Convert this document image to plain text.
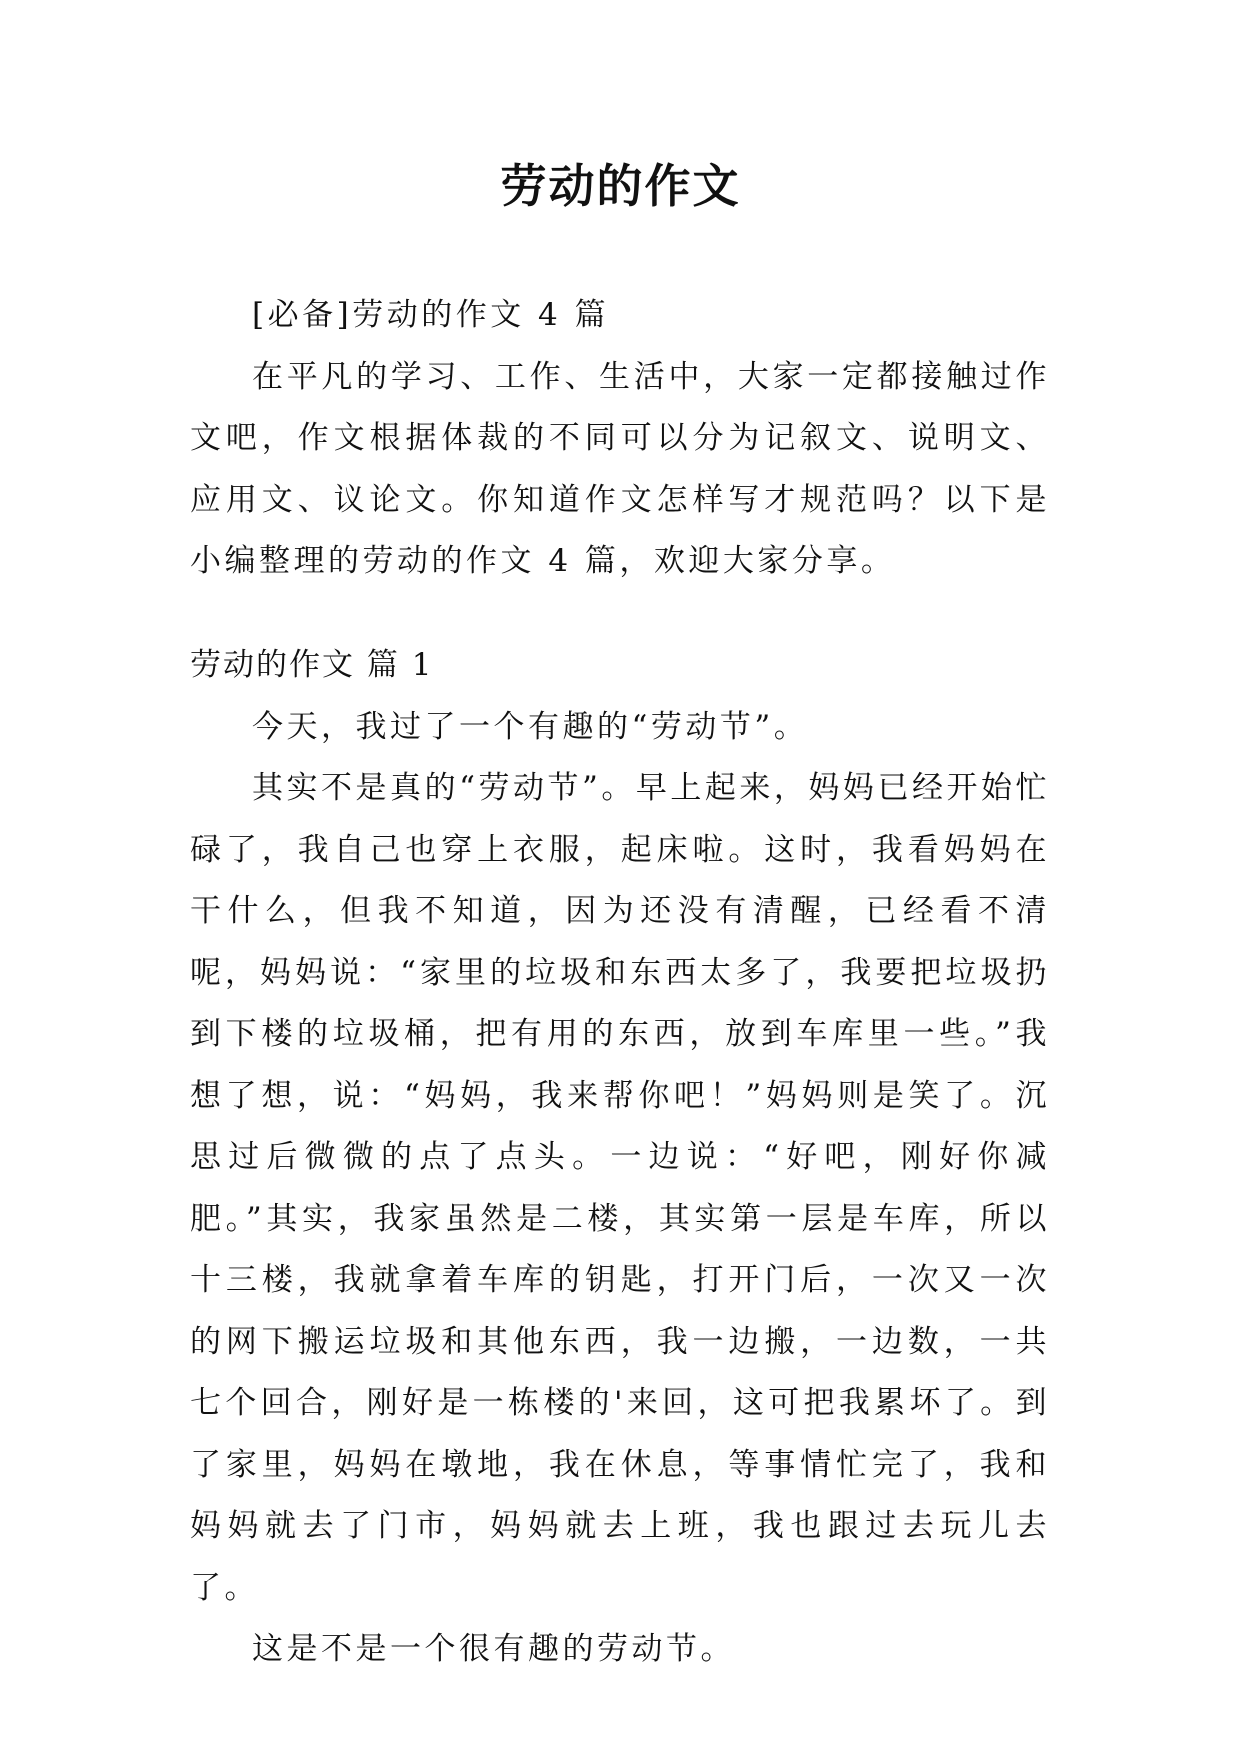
劳动的作文

[必备]劳动的作文 4 篇

在平凡的学习、工作、生活中，大家一定都接触过作文吧，作文根据体裁的不同可以分为记叙文、说明文、应用文、议论文。你知道作文怎样写才规范吗？以下是小编整理的劳动的作文 4 篇，欢迎大家分享。

劳动的作文 篇 1

今天，我过了一个有趣的“劳动节”。

其实不是真的“劳动节”。早上起来，妈妈已经开始忙碌了，我自己也穿上衣服，起床啦。这时，我看妈妈在干什么，但我不知道，因为还没有清醒，已经看不清呢，妈妈说：“家里的垃圾和东西太多了，我要把垃圾扔到下楼的垃圾桶，把有用的东西，放到车库里一些。”我想了想，说：“妈妈，我来帮你吧！”妈妈则是笑了。沉思过后微微的点了点头。一边说：“好吧，刚好你减肥。”其实，我家虽然是二楼，其实第一层是车库，所以十三楼，我就拿着车库的钥匙，打开门后，一次又一次的网下搬运垃圾和其他东西，我一边搬，一边数，一共七个回合，刚好是一栋楼的'来回，这可把我累坏了。到了家里，妈妈在墩地，我在休息，等事情忙完了，我和妈妈就去了门市，妈妈就去上班，我也跟过去玩儿去了。

这是不是一个很有趣的劳动节。
